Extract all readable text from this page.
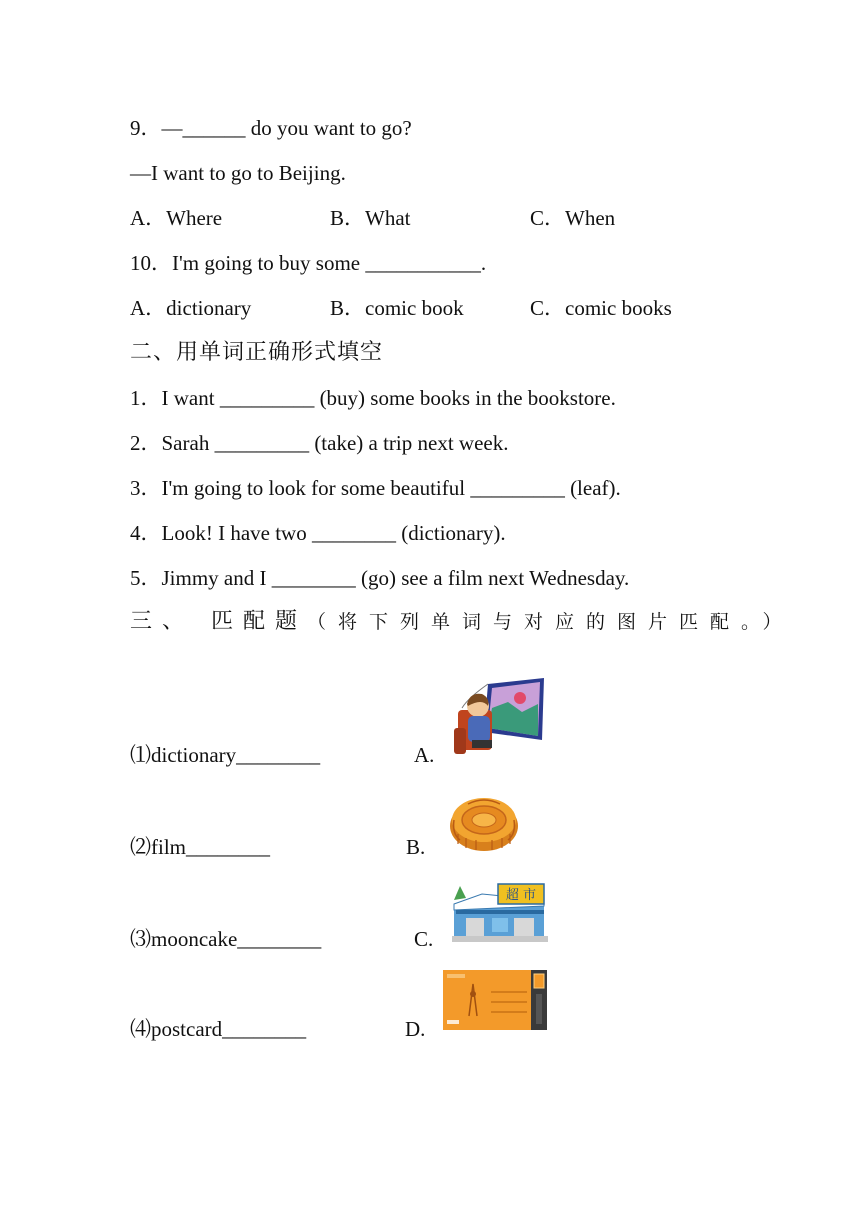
9．—______ do you want to go?
—I want to go to Beijing.
A．Where	B．What	C．When
10．I'm going to buy some ___________.
A．dictionary	B．comic book	C．comic books
二、用单词正确形式填空
1．I want _________ (buy) some books in the bookstore.
2．Sarah _________ (take) a trip next week.
3．I'm going to look for some beautiful _________ (leaf).
4．Look! I have two ________ (dictionary).
5．Jimmy and I ________ (go) see a film next Wednesday.
三、 匹配题（将下列单词与对应的图片匹配。）
⑴dictionary________	A.
⑵film________	B.
⑶mooncake________	C.
⑷postcard________	D.
超 市
